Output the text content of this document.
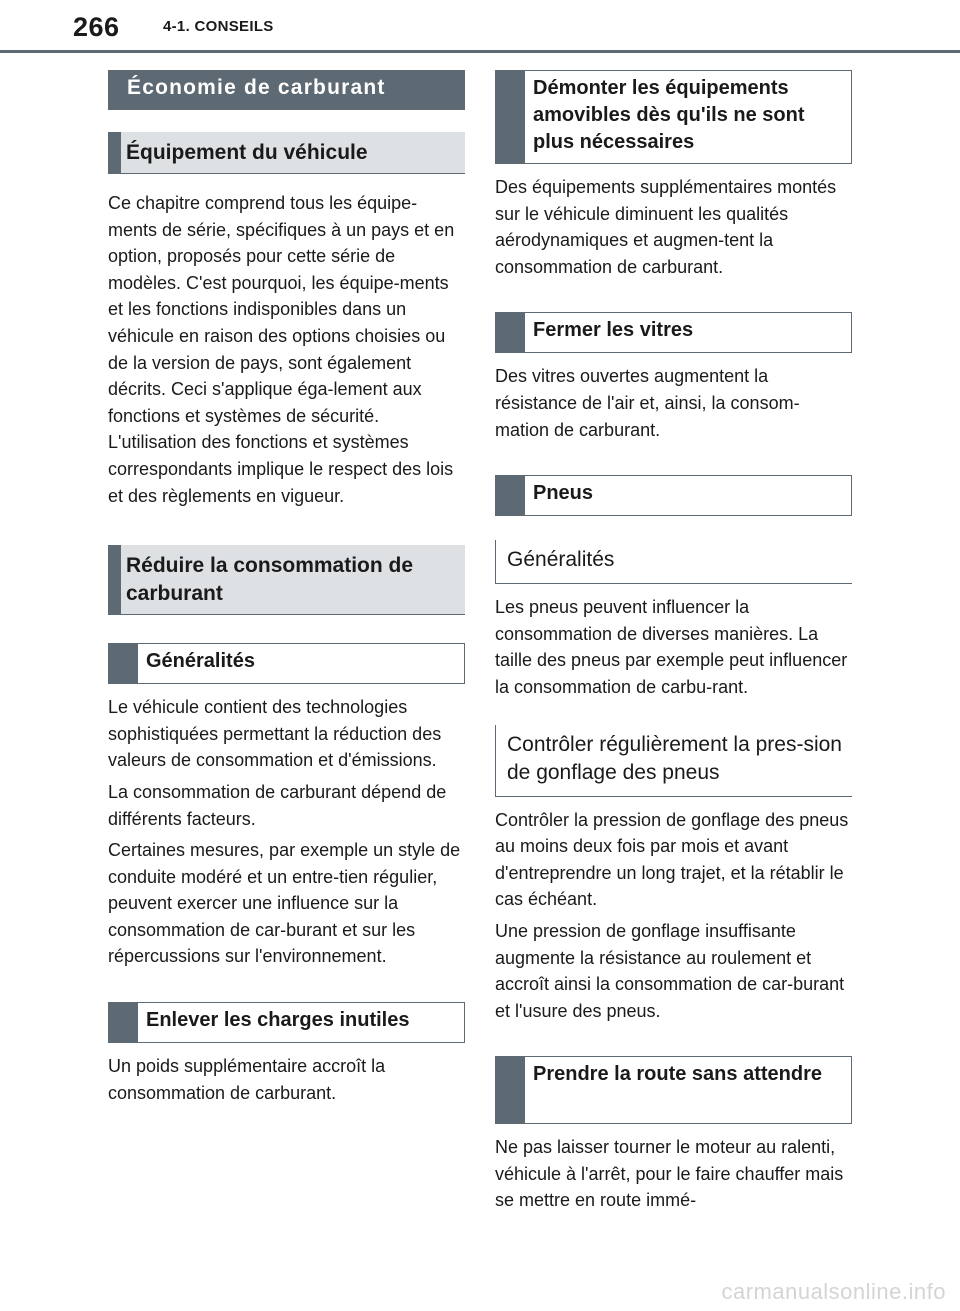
266	4-1. CONSEILS
Économie de carburant
Équipement du véhicule

Ce chapitre comprend tous les équipe-ments de série, spécifiques à un pays et en option, proposés pour cette série de modèles. C'est pourquoi, les équipe-ments et les fonctions indisponibles dans un véhicule en raison des options choisies ou de la version de pays, sont également décrits. Ceci s'applique éga-lement aux fonctions et systèmes de sécurité. L'utilisation des fonctions et systèmes correspondants implique le respect des lois et des règlements en vigueur.

Réduire la consommation de carburant
Généralités

Le véhicule contient des technologies sophistiquées permettant la réduction des valeurs de consommation et d'émissions.

La consommation de carburant dépend de différents facteurs.

Certaines mesures, par exemple un style de conduite modéré et un entre-tien régulier, peuvent exercer une influence sur la consommation de car-burant et sur les répercussions sur l'environnement.

Enlever les charges inutiles

Un poids supplémentaire accroît la consommation de carburant.

Démonter les équipements amovibles dès qu'ils ne sont plus nécessaires

Des équipements supplémentaires montés sur le véhicule diminuent les qualités aérodynamiques et augmen-tent la consommation de carburant.

Fermer les vitres

Des vitres ouvertes augmentent la résistance de l'air et, ainsi, la consom-mation de carburant.

Pneus
Généralités

Les pneus peuvent influencer la consommation de diverses manières. La taille des pneus par exemple peut influencer la consommation de carbu-rant.

Contrôler régulièrement la pres-sion de gonflage des pneus

Contrôler la pression de gonflage des pneus au moins deux fois par mois et avant d'entreprendre un long trajet, et la rétablir le cas échéant.

Une pression de gonflage insuffisante augmente la résistance au roulement et accroît ainsi la consommation de car-burant et l'usure des pneus.

Prendre la route sans attendre

Ne pas laisser tourner le moteur au ralenti, véhicule à l'arrêt, pour le faire chauffer mais se mettre en route immé-

carmanualsonline.info
